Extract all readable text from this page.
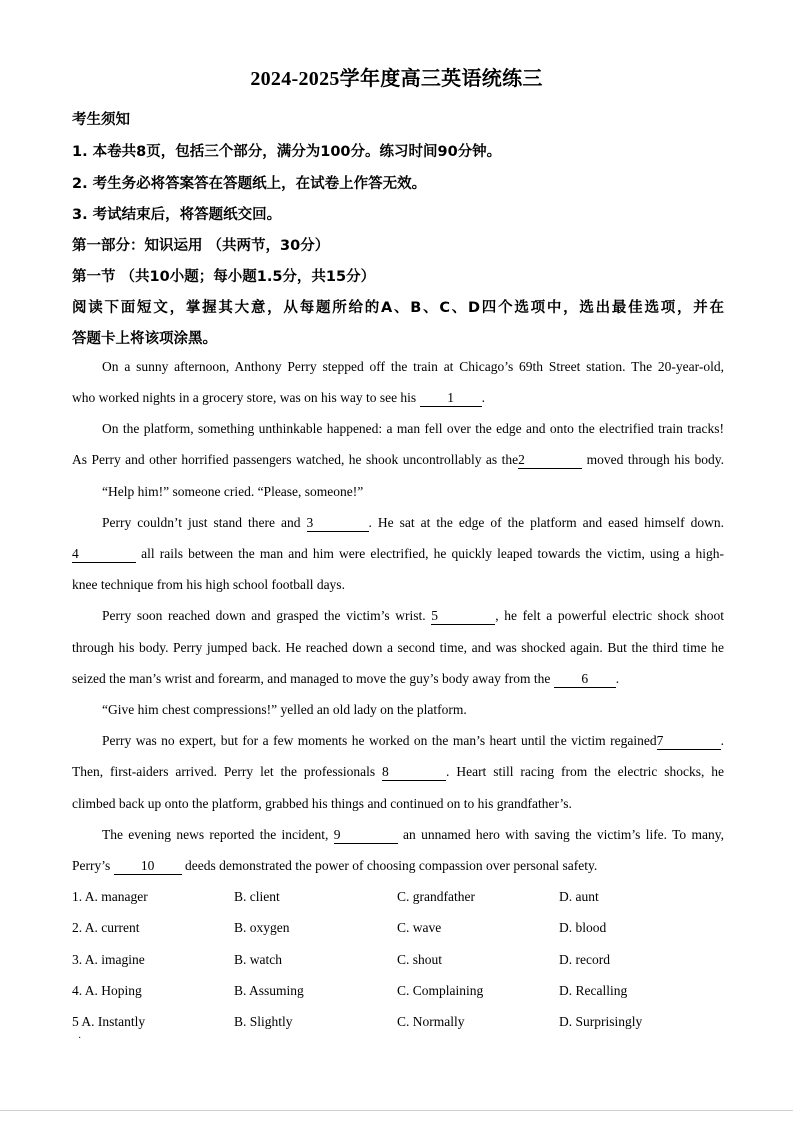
2024-2025学年度高三英语统练三
考生须知
1. 本卷共8页，包括三个部分，满分为100分。练习时间90分钟。
2. 考生务必将答案答在答题纸上，在试卷上作答无效。
3. 考试结束后，将答题纸交回。
第一部分：知识运用 （共两节，30分）
第一节 （共10小题；每小题1.5分，共15分）
阅读下面短文，掌握其大意，从每题所给的A、B、C、D四个选项中，选出最佳选项，并在
答题卡上将该项涂黑。
On a sunny afternoon, Anthony Perry stepped off the train at Chicago’s 69th Street station. The 20-year-old,
who worked nights in a grocery store, was on his way to see his 1 .
On the platform, something unthinkable happened: a man fell over the edge and onto the electrified train tracks!
As Perry and other horrified passengers watched, he shook uncontrollably as the2	moved through his body.
“Help him!” someone cried. “Please, someone!”
Perry couldn’t just stand there and 3	. He sat at the edge of the platform and eased himself down.
4	all rails between the man and him were electrified, he quickly leaped towards the victim, using a high-
knee technique from his high school football days.
Perry soon reached down and grasped the victim’s wrist. 5	, he felt a powerful electric shock shoot
through his body. Perry jumped back. He reached down a second time, and was shocked again. But the third time he
seized the man’s wrist and forearm, and managed to move the guy’s body away from the 6 .
“Give him chest compressions!” yelled an old lady on the platform.
Perry was no expert, but for a few moments he worked on the man’s heart until the victim regained7	.
Then, first-aiders arrived. Perry let the professionals 8	. Heart still racing from the electric shocks, he
climbed back up onto the platform, grabbed his things and continued on to his grandfather’s.
The evening news reported the incident, 9	an unnamed hero with saving the victim’s life. To many,
Perry’s 10 deeds demonstrated the power of choosing compassion over personal safety.
1. A. manager	B. client	C. grandfather	D. aunt
2. A. current	B. oxygen	C. wave	D. blood
3. A. imagine	B. watch	C. shout	D. record
4. A. Hoping	B. Assuming	C. Complaining	D. Recalling
5 A. Instantly	B. Slightly	C. Normally	D. Surprisingly
·
